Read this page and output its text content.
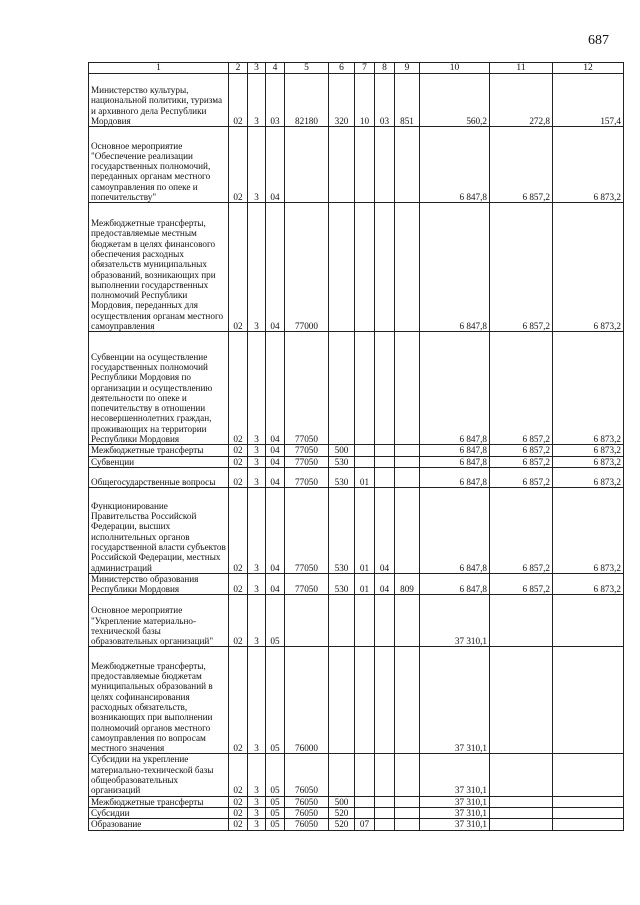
687
1	2	3	4	5	6	7	8	9	10	11	12
Министерство культуры, национальной политики, туризма и архивного дела Республики Мордовия	02	3	03	82180	320	10	03	851	560,2	272,8	157,4
Основное мероприятие "Обеспечение реализации государственных полномочий, переданных органам местного самоуправления по опеке и попечительству"	02	3	04						6 847,8	6 857,2	6 873,2
Межбюджетные трансферты, предоставляемые местным бюджетам в целях финансового обеспечения расходных обязательств муниципальных образований, возникающих при выполнении государственных полномочий Республики Мордовия, переданных для осуществления органам местного самоуправления	02	3	04	77000					6 847,8	6 857,2	6 873,2
Субвенции на осуществление государственных полномочий Республики Мордовия по организации и осуществлению деятельности по опеке и попечительству в отношении несовершеннолетних граждан, проживающих на территории Республики Мордовия	02	3	04	77050					6 847,8	6 857,2	6 873,2
Межбюджетные трансферты	02	3	04	77050	500				6 847,8	6 857,2	6 873,2
Субвенции	02	3	04	77050	530				6 847,8	6 857,2	6 873,2
Общегосударственные вопросы	02	3	04	77050	530	01			6 847,8	6 857,2	6 873,2
Функционирование Правительства Российской Федерации, высших исполнительных органов государственной власти субъектов Российской Федерации, местных администраций	02	3	04	77050	530	01	04		6 847,8	6 857,2	6 873,2
Министерство образования Республики Мордовия	02	3	04	77050	530	01	04	809	6 847,8	6 857,2	6 873,2
Основное мероприятие "Укрепление материально-технической базы образовательных организаций"	02	3	05						37 310,1		
Межбюджетные трансферты, предоставляемые бюджетам муниципальных образований в целях софинансирования расходных обязательств, возникающих при выполнении полномочий органов местного самоуправления по вопросам местного значения	02	3	05	76000					37 310,1		
Субсидии на укрепление материально-технической базы общеобразовательных организаций	02	3	05	76050					37 310,1		
Межбюджетные трансферты	02	3	05	76050	500				37 310,1		
Субсидии	02	3	05	76050	520				37 310,1		
Образование	02	3	05	76050	520	07			37 310,1		
